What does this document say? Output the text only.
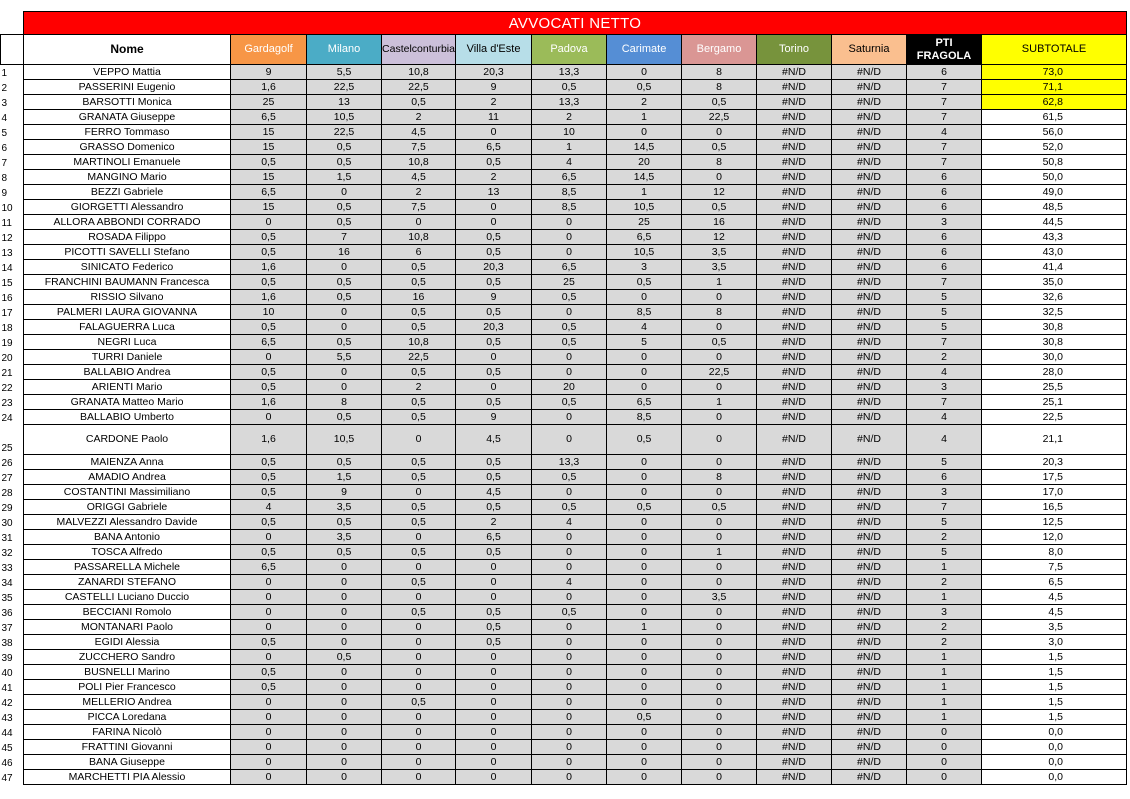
	AVVOCATI NETTO											
	Nome	Gardagolf	Milano	Castelconturbia	Villa d'Este	Padova	Carimate	Bergamo	Torino	Saturnia	PTI FRAGOLA	SUBTOTALE
1	VEPPO Mattia	9	5,5	10,8	20,3	13,3	0	8	#N/D	#N/D	6	73,0
2	PASSERINI Eugenio	1,6	22,5	22,5	9	0,5	0,5	8	#N/D	#N/D	7	71,1
3	BARSOTTI Monica	25	13	0,5	2	13,3	2	0,5	#N/D	#N/D	7	62,8
4	GRANATA Giuseppe	6,5	10,5	2	11	2	1	22,5	#N/D	#N/D	7	61,5
5	FERRO Tommaso	15	22,5	4,5	0	10	0	0	#N/D	#N/D	4	56,0
6	GRASSO Domenico	15	0,5	7,5	6,5	1	14,5	0,5	#N/D	#N/D	7	52,0
7	MARTINOLI Emanuele	0,5	0,5	10,8	0,5	4	20	8	#N/D	#N/D	7	50,8
8	MANGINO Mario	15	1,5	4,5	2	6,5	14,5	0	#N/D	#N/D	6	50,0
9	BEZZI Gabriele	6,5	0	2	13	8,5	1	12	#N/D	#N/D	6	49,0
10	GIORGETTI Alessandro	15	0,5	7,5	0	8,5	10,5	0,5	#N/D	#N/D	6	48,5
11	ALLORA ABBONDI CORRADO	0	0,5	0	0	0	25	16	#N/D	#N/D	3	44,5
12	ROSADA Filippo	0,5	7	10,8	0,5	0	6,5	12	#N/D	#N/D	6	43,3
13	PICOTTI SAVELLI Stefano	0,5	16	6	0,5	0	10,5	3,5	#N/D	#N/D	6	43,0
14	SINICATO Federico	1,6	0	0,5	20,3	6,5	3	3,5	#N/D	#N/D	6	41,4
15	FRANCHINI BAUMANN Francesca	0,5	0,5	0,5	0,5	25	0,5	1	#N/D	#N/D	7	35,0
16	RISSIO Silvano	1,6	0,5	16	9	0,5	0	0	#N/D	#N/D	5	32,6
17	PALMERI LAURA GIOVANNA	10	0	0,5	0,5	0	8,5	8	#N/D	#N/D	5	32,5
18	FALAGUERRA Luca	0,5	0	0,5	20,3	0,5	4	0	#N/D	#N/D	5	30,8
19	NEGRI Luca	6,5	0,5	10,8	0,5	0,5	5	0,5	#N/D	#N/D	7	30,8
20	TURRI Daniele	0	5,5	22,5	0	0	0	0	#N/D	#N/D	2	30,0
21	BALLABIO Andrea	0,5	0	0,5	0,5	0	0	22,5	#N/D	#N/D	4	28,0
22	ARIENTI Mario	0,5	0	2	0	20	0	0	#N/D	#N/D	3	25,5
23	GRANATA Matteo Mario	1,6	8	0,5	0,5	0,5	6,5	1	#N/D	#N/D	7	25,1
24	BALLABIO Umberto	0	0,5	0,5	9	0	8,5	0	#N/D	#N/D	4	22,5
25	CARDONE Paolo	1,6	10,5	0	4,5	0	0,5	0	#N/D	#N/D	4	21,1
26	MAIENZA Anna	0,5	0,5	0,5	0,5	13,3	0	0	#N/D	#N/D	5	20,3
27	AMADIO Andrea	0,5	1,5	0,5	0,5	0,5	0	8	#N/D	#N/D	6	17,5
28	COSTANTINI Massimiliano	0,5	9	0	4,5	0	0	0	#N/D	#N/D	3	17,0
29	ORIGGI Gabriele	4	3,5	0,5	0,5	0,5	0,5	0,5	#N/D	#N/D	7	16,5
30	MALVEZZI Alessandro Davide	0,5	0,5	0,5	2	4	0	0	#N/D	#N/D	5	12,5
31	BANA Antonio	0	3,5	0	6,5	0	0	0	#N/D	#N/D	2	12,0
32	TOSCA Alfredo	0,5	0,5	0,5	0,5	0	0	1	#N/D	#N/D	5	8,0
33	PASSARELLA Michele	6,5	0	0	0	0	0	0	#N/D	#N/D	1	7,5
34	ZANARDI STEFANO	0	0	0,5	0	4	0	0	#N/D	#N/D	2	6,5
35	CASTELLI Luciano Duccio	0	0	0	0	0	0	3,5	#N/D	#N/D	1	4,5
36	BECCIANI Romolo	0	0	0,5	0,5	0,5	0	0	#N/D	#N/D	3	4,5
37	MONTANARI Paolo	0	0	0	0,5	0	1	0	#N/D	#N/D	2	3,5
38	EGIDI Alessia	0,5	0	0	0,5	0	0	0	#N/D	#N/D	2	3,0
39	ZUCCHERO Sandro	0	0,5	0	0	0	0	0	#N/D	#N/D	1	1,5
40	BUSNELLI Marino	0,5	0	0	0	0	0	0	#N/D	#N/D	1	1,5
41	POLI Pier Francesco	0,5	0	0	0	0	0	0	#N/D	#N/D	1	1,5
42	MELLERIO Andrea	0	0	0,5	0	0	0	0	#N/D	#N/D	1	1,5
43	PICCA Loredana	0	0	0	0	0	0,5	0	#N/D	#N/D	1	1,5
44	FARINA Nicolò	0	0	0	0	0	0	0	#N/D	#N/D	0	0,0
45	FRATTINI Giovanni	0	0	0	0	0	0	0	#N/D	#N/D	0	0,0
46	BANA Giuseppe	0	0	0	0	0	0	0	#N/D	#N/D	0	0,0
47	MARCHETTI PIA Alessio	0	0	0	0	0	0	0	#N/D	#N/D	0	0,0
